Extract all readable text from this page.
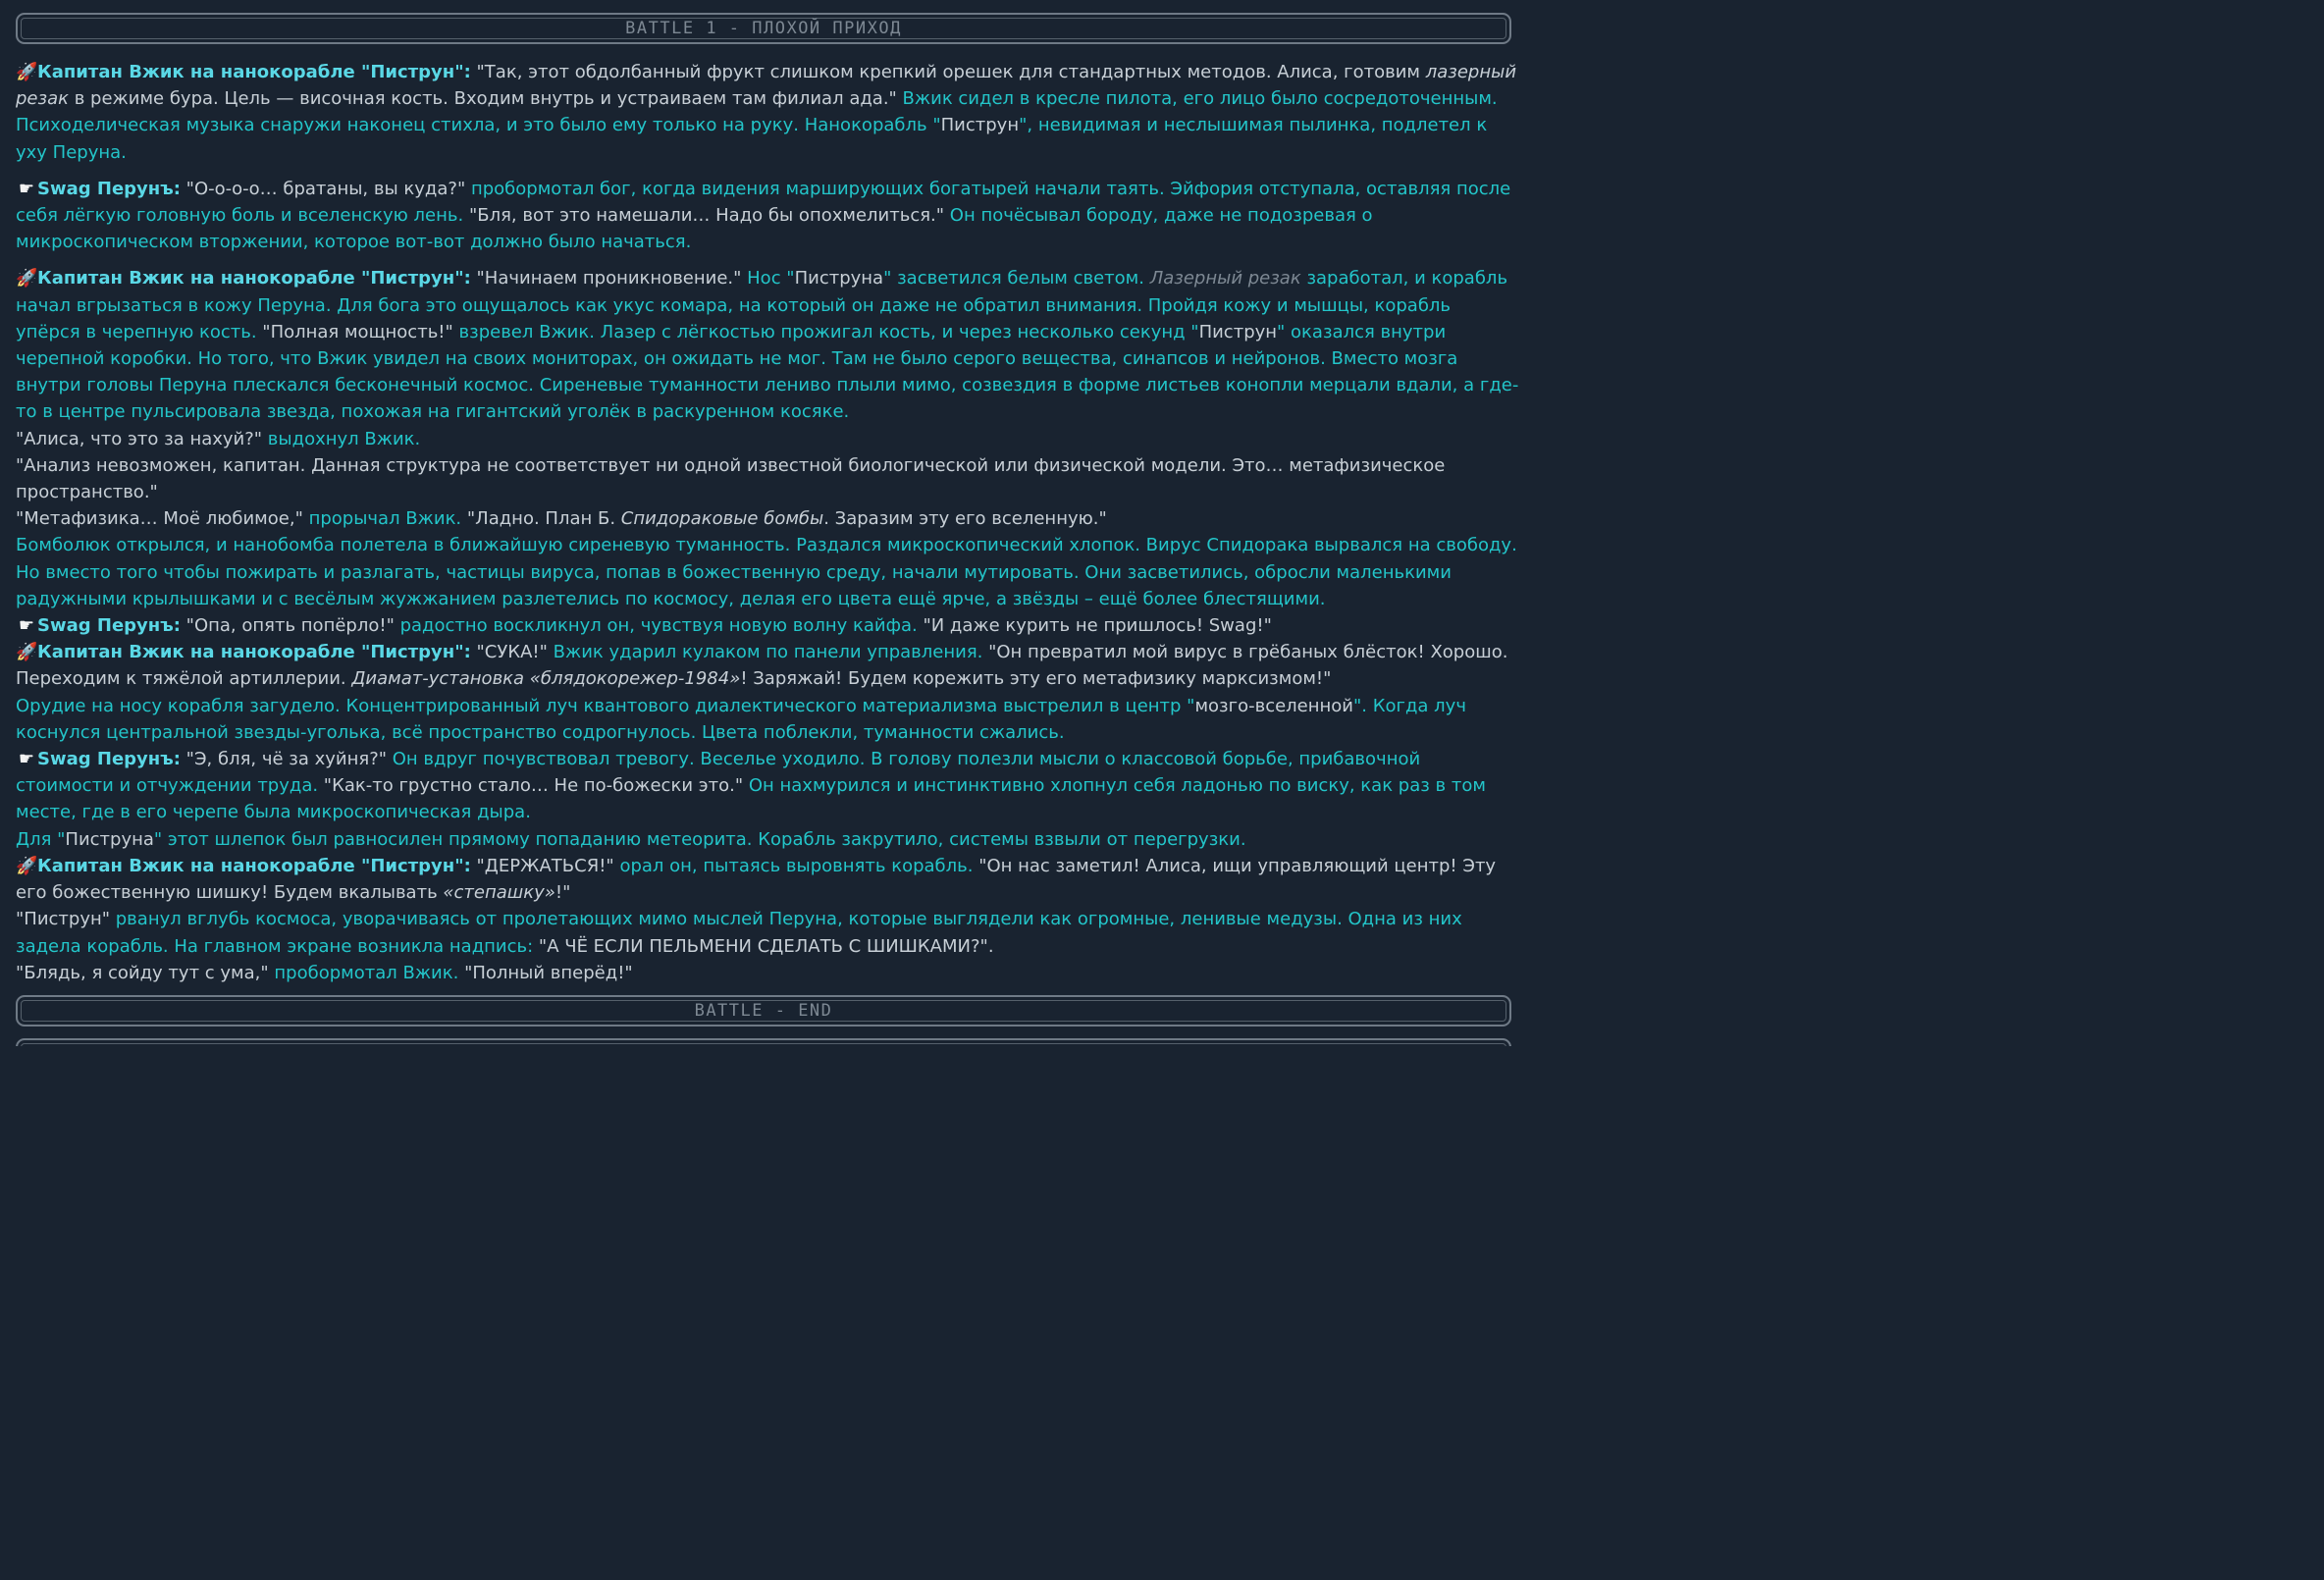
BATTLE 1 - ПЛОХОЙ ПРИХОД

🚀Капитан Вжик на нанокорабле "Пиструн": "Так, этот обдолбанный фрукт слишком крепкий орешек для стандартных методов. Алиса, готовим лазерный резак в режиме бура. Цель — височная кость. Входим внутрь и устраиваем там филиал ада." Вжик сидел в кресле пилота, его лицо было сосредоточенным. Психоделическая музыка снаружи наконец стихла, и это было ему только на руку. Нанокорабль "Пиструн", невидимая и неслышимая пылинка, подлетел к уху Перуна.

☛ Swag Перунъ: "О-о-о-о… братаны, вы куда?" пробормотал бог, когда видения марширующих богатырей начали таять. Эйфория отступала, оставляя после себя лёгкую головную боль и вселенскую лень. "Бля, вот это намешали… Надо бы опохмелиться." Он почёсывал бороду, даже не подозревая о микроскопическом вторжении, которое вот-вот должно было начаться.

🚀Капитан Вжик на нанокорабле "Пиструн": "Начинаем проникновение." Нос "Пиструна" засветился белым светом. Лазерный резак заработал, и корабль начал вгрызаться в кожу Перуна. Для бога это ощущалось как укус комара, на который он даже не обратил внимания. Пройдя кожу и мышцы, корабль упёрся в черепную кость. "Полная мощность!" взревел Вжик. Лазер с лёгкостью прожигал кость, и через несколько секунд "Пиструн" оказался внутри черепной коробки. Но того, что Вжик увидел на своих мониторах, он ожидать не мог. Там не было серого вещества, синапсов и нейронов. Вместо мозга внутри головы Перуна плескался бесконечный космос. Сиреневые туманности лениво плыли мимо, созвездия в форме листьев конопли мерцали вдали, а где-то в центре пульсировала звезда, похожая на гигантский уголёк в раскуренном косяке.

"Алиса, что это за нахуй?" выдохнул Вжик.

"Анализ невозможен, капитан. Данная структура не соответствует ни одной известной биологической или физической модели. Это… метафизическое пространство."

"Метафизика… Моё любимое," прорычал Вжик. "Ладно. План Б. Спидораковые бомбы. Заразим эту его вселенную."

Бомболюк открылся, и нанобомба полетела в ближайшую сиреневую туманность. Раздался микроскопический хлопок. Вирус Спидорака вырвался на свободу. Но вместо того чтобы пожирать и разлагать, частицы вируса, попав в божественную среду, начали мутировать. Они засветились, обросли маленькими радужными крылышками и с весёлым жужжанием разлетелись по космосу, делая его цвета ещё ярче, а звёзды – ещё более блестящими.

☛ Swag Перунъ: "Опа, опять попёрло!" радостно воскликнул он, чувствуя новую волну кайфа. "И даже курить не пришлось! Swag!"

🚀Капитан Вжик на нанокорабле "Пиструн": "СУКА!" Вжик ударил кулаком по панели управления. "Он превратил мой вирус в грёбаных блёсток! Хорошо. Переходим к тяжёлой артиллерии. Диамат-установка «блядокорежер-1984»! Заряжай! Будем корежить эту его метафизику марксизмом!"

Орудие на носу корабля загудело. Концентрированный луч квантового диалектического материализма выстрелил в центр "мозго-вселенной". Когда луч коснулся центральной звезды-уголька, всё пространство содрогнулось. Цвета поблекли, туманности сжались.

☛ Swag Перунъ: "Э, бля, чё за хуйня?" Он вдруг почувствовал тревогу. Веселье уходило. В голову полезли мысли о классовой борьбе, прибавочной стоимости и отчуждении труда. "Как-то грустно стало… Не по-божески это." Он нахмурился и инстинктивно хлопнул себя ладонью по виску, как раз в том месте, где в его черепе была микроскопическая дыра.

Для "Пиструна" этот шлепок был равносилен прямому попаданию метеорита. Корабль закрутило, системы взвыли от перегрузки.

🚀Капитан Вжик на нанокорабле "Пиструн": "ДЕРЖАТЬСЯ!" орал он, пытаясь выровнять корабль. "Он нас заметил! Алиса, ищи управляющий центр! Эту его божественную шишку! Будем вкалывать «степашку»!"

"Пиструн" рванул вглубь космоса, уворачиваясь от пролетающих мимо мыслей Перуна, которые выглядели как огромные, ленивые медузы. Одна из них задела корабль. На главном экране возникла надпись: "А ЧЁ ЕСЛИ ПЕЛЬМЕНИ СДЕЛАТЬ С ШИШКАМИ?".

"Блядь, я сойду тут с ума," пробормотал Вжик. "Полный вперёд!"

BATTLE - END
